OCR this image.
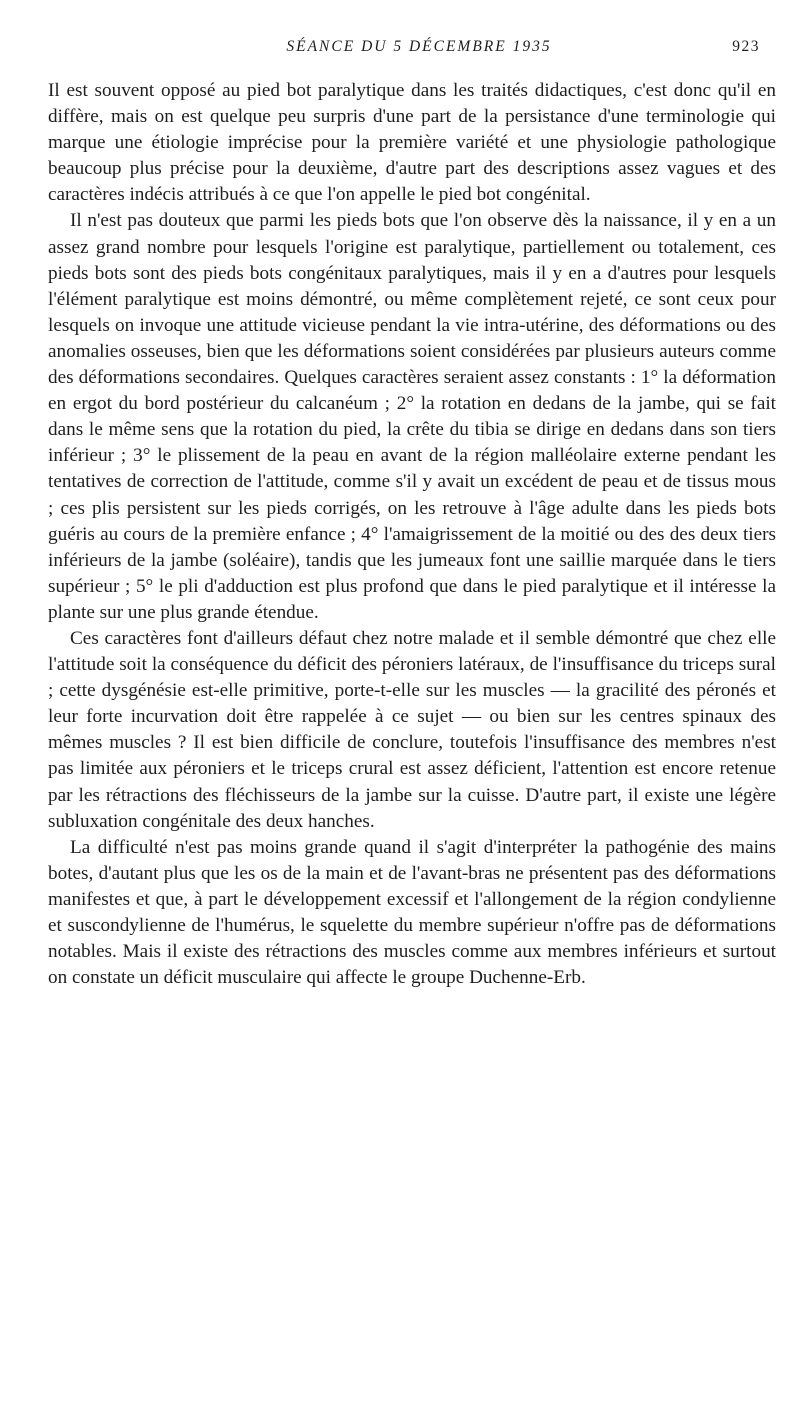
SÉANCE DU 5 DÉCEMBRE 1935	923

Il est souvent opposé au pied bot paralytique dans les traités didactiques, c'est donc qu'il en diffère, mais on est quelque peu surpris d'une part de la persistance d'une terminologie qui marque une étiologie imprécise pour la première variété et une physiologie pathologique beaucoup plus précise pour la deuxième, d'autre part des descriptions assez vagues et des caractères indécis attribués à ce que l'on appelle le pied bot congénital.

Il n'est pas douteux que parmi les pieds bots que l'on observe dès la naissance, il y en a un assez grand nombre pour lesquels l'origine est paralytique, partiellement ou totalement, ces pieds bots sont des pieds bots congénitaux paralytiques, mais il y en a d'autres pour lesquels l'élément paralytique est moins démontré, ou même complètement rejeté, ce sont ceux pour lesquels on invoque une attitude vicieuse pendant la vie intra-utérine, des déformations ou des anomalies osseuses, bien que les déformations soient considérées par plusieurs auteurs comme des déformations secondaires. Quelques caractères seraient assez constants : 1° la déformation en ergot du bord postérieur du calcanéum ; 2° la rotation en dedans de la jambe, qui se fait dans le même sens que la rotation du pied, la crête du tibia se dirige en dedans dans son tiers inférieur ; 3° le plissement de la peau en avant de la région malléolaire externe pendant les tentatives de correction de l'attitude, comme s'il y avait un excédent de peau et de tissus mous ; ces plis persistent sur les pieds corrigés, on les retrouve à l'âge adulte dans les pieds bots guéris au cours de la première enfance ; 4° l'amaigrissement de la moitié ou des des deux tiers inférieurs de la jambe (soléaire), tandis que les jumeaux font une saillie marquée dans le tiers supérieur ; 5° le pli d'adduction est plus profond que dans le pied paralytique et il intéresse la plante sur une plus grande étendue.

Ces caractères font d'ailleurs défaut chez notre malade et il semble démontré que chez elle l'attitude soit la conséquence du déficit des péroniers latéraux, de l'insuffisance du triceps sural ; cette dysgénésie est-elle primitive, porte-t-elle sur les muscles — la gracilité des péronés et leur forte incurvation doit être rappelée à ce sujet — ou bien sur les centres spinaux des mêmes muscles ? Il est bien difficile de conclure, toutefois l'insuffisance des membres n'est pas limitée aux péroniers et le triceps crural est assez déficient, l'attention est encore retenue par les rétractions des fléchisseurs de la jambe sur la cuisse. D'autre part, il existe une légère subluxation congénitale des deux hanches.

La difficulté n'est pas moins grande quand il s'agit d'interpréter la pathogénie des mains botes, d'autant plus que les os de la main et de l'avant-bras ne présentent pas des déformations manifestes et que, à part le développement excessif et l'allongement de la région condylienne et suscondylienne de l'humérus, le squelette du membre supérieur n'offre pas de déformations notables. Mais il existe des rétractions des muscles comme aux membres inférieurs et surtout on constate un déficit musculaire qui affecte le groupe Duchenne-Erb.
